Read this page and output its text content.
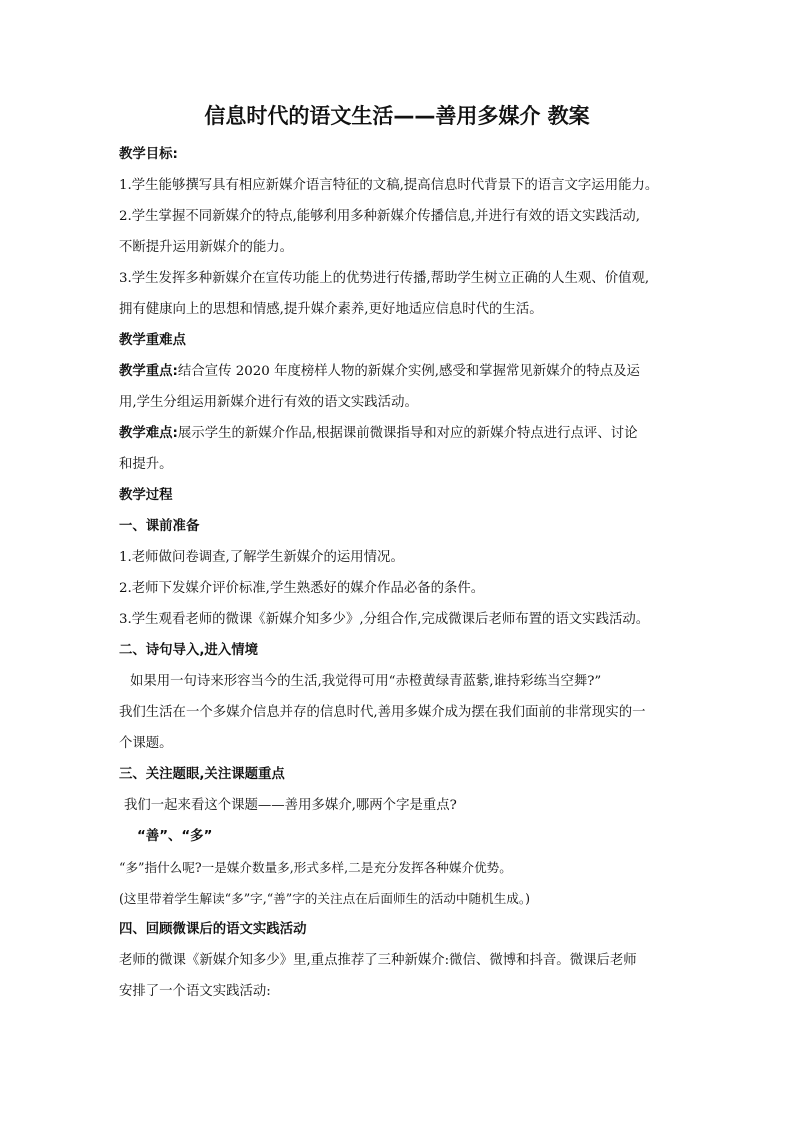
信息时代的语文生活——善用多媒介 教案
教学目标:
1.学生能够撰写具有相应新媒介语言特征的文稿,提高信息时代背景下的语言文字运用能力。
2.学生掌握不同新媒介的特点,能够利用多种新媒介传播信息,并进行有效的语文实践活动,
不断提升运用新媒介的能力。
3.学生发挥多种新媒介在宣传功能上的优势进行传播,帮助学生树立正确的人生观、价值观,
拥有健康向上的思想和情感,提升媒介素养,更好地适应信息时代的生活。
教学重难点
教学重点:结合宣传 2020 年度榜样人物的新媒介实例,感受和掌握常见新媒介的特点及运
用,学生分组运用新媒介进行有效的语文实践活动。
教学难点:展示学生的新媒介作品,根据课前微课指导和对应的新媒介特点进行点评、讨论
和提升。
教学过程
一、课前准备
1.老师做问卷调查,了解学生新媒介的运用情况。
2.老师下发媒介评价标准,学生熟悉好的媒介作品必备的条件。
3.学生观看老师的微课《新媒介知多少》,分组合作,完成微课后老师布置的语文实践活动。
二、诗句导入,进入情境
如果用一句诗来形容当今的生活,我觉得可用“赤橙黄绿青蓝紫,谁持彩练当空舞?”
我们生活在一个多媒介信息并存的信息时代,善用多媒介成为摆在我们面前的非常现实的一
个课题。
三、关注题眼,关注课题重点
我们一起来看这个课题——善用多媒介,哪两个字是重点?
“善”、“多”
“多”指什么呢?一是媒介数量多,形式多样,二是充分发挥各种媒介优势。
(这里带着学生解读“多”字,“善”字的关注点在后面师生的活动中随机生成。)
四、回顾微课后的语文实践活动
老师的微课《新媒介知多少》里,重点推荐了三种新媒介:微信、微博和抖音。微课后老师
安排了一个语文实践活动:
